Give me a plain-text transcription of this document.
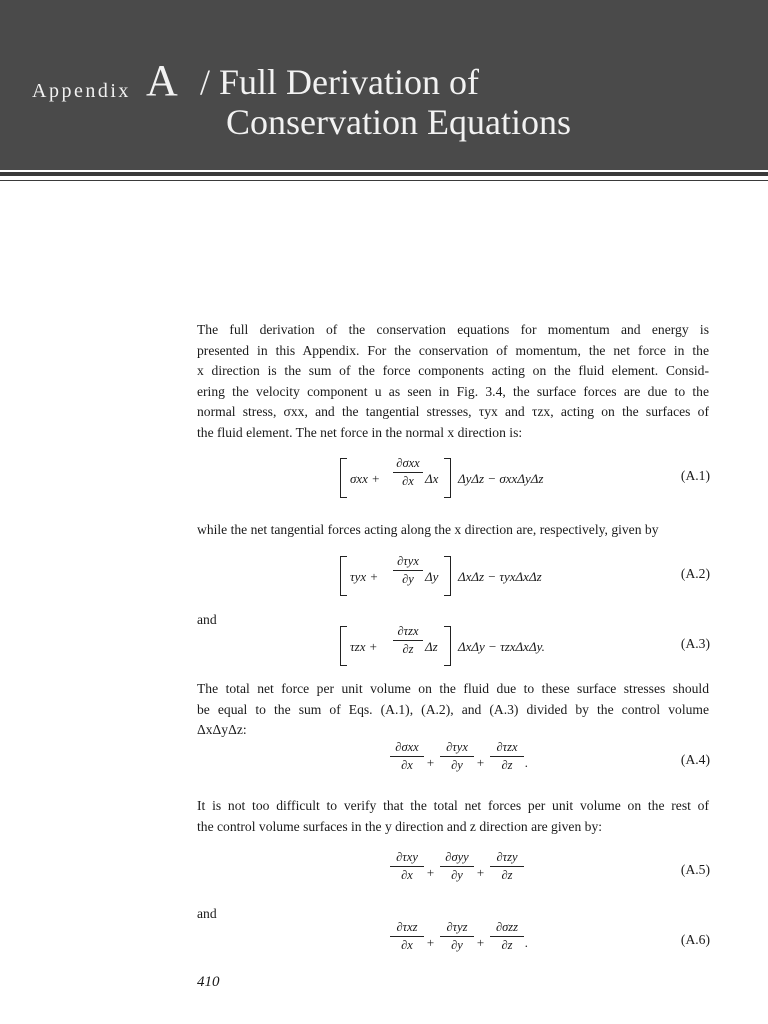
Appendix A / Full Derivation of
Conservation Equations
The full derivation of the conservation equations for momentum and energy is
presented in this Appendix. For the conservation of momentum, the net force in the
x direction is the sum of the force components acting on the fluid element. Consid-
ering the velocity component u as seen in Fig. 3.4, the surface forces are due to the
normal stress, σxx, and the tangential stresses, τyx and τzx, acting on the surfaces of
the fluid element. The net force in the normal x direction is:
σxx +
∂σxx
∂x Δx ΔyΔz − σxxΔyΔz	(A.1)
while the net tangential forces acting along the x direction are, respectively, given by
τyx +
∂τyx
∂y Δy ΔxΔz − τyxΔxΔz	(A.2)
and
τzx +
∂τzx
∂z Δz ΔxΔy − τzxΔxΔy.	(A.3)
The total net force per unit volume on the fluid due to these surface stresses should
be equal to the sum of Eqs. (A.1), (A.2), and (A.3) divided by the control volume
ΔxΔyΔz:
∂σxx
∂x	+
∂τyx
∂y	+
∂τzx
∂z .	(A.4)
It is not too difficult to verify that the total net forces per unit volume on the rest of
the control volume surfaces in the y direction and z direction are given by:
∂τxy
∂x	+
∂σyy
∂y	+
∂τzy
∂z	(A.5)
and
∂τxz
∂x	+
∂τyz
∂y	+
∂σzz
∂z .	(A.6)
410
